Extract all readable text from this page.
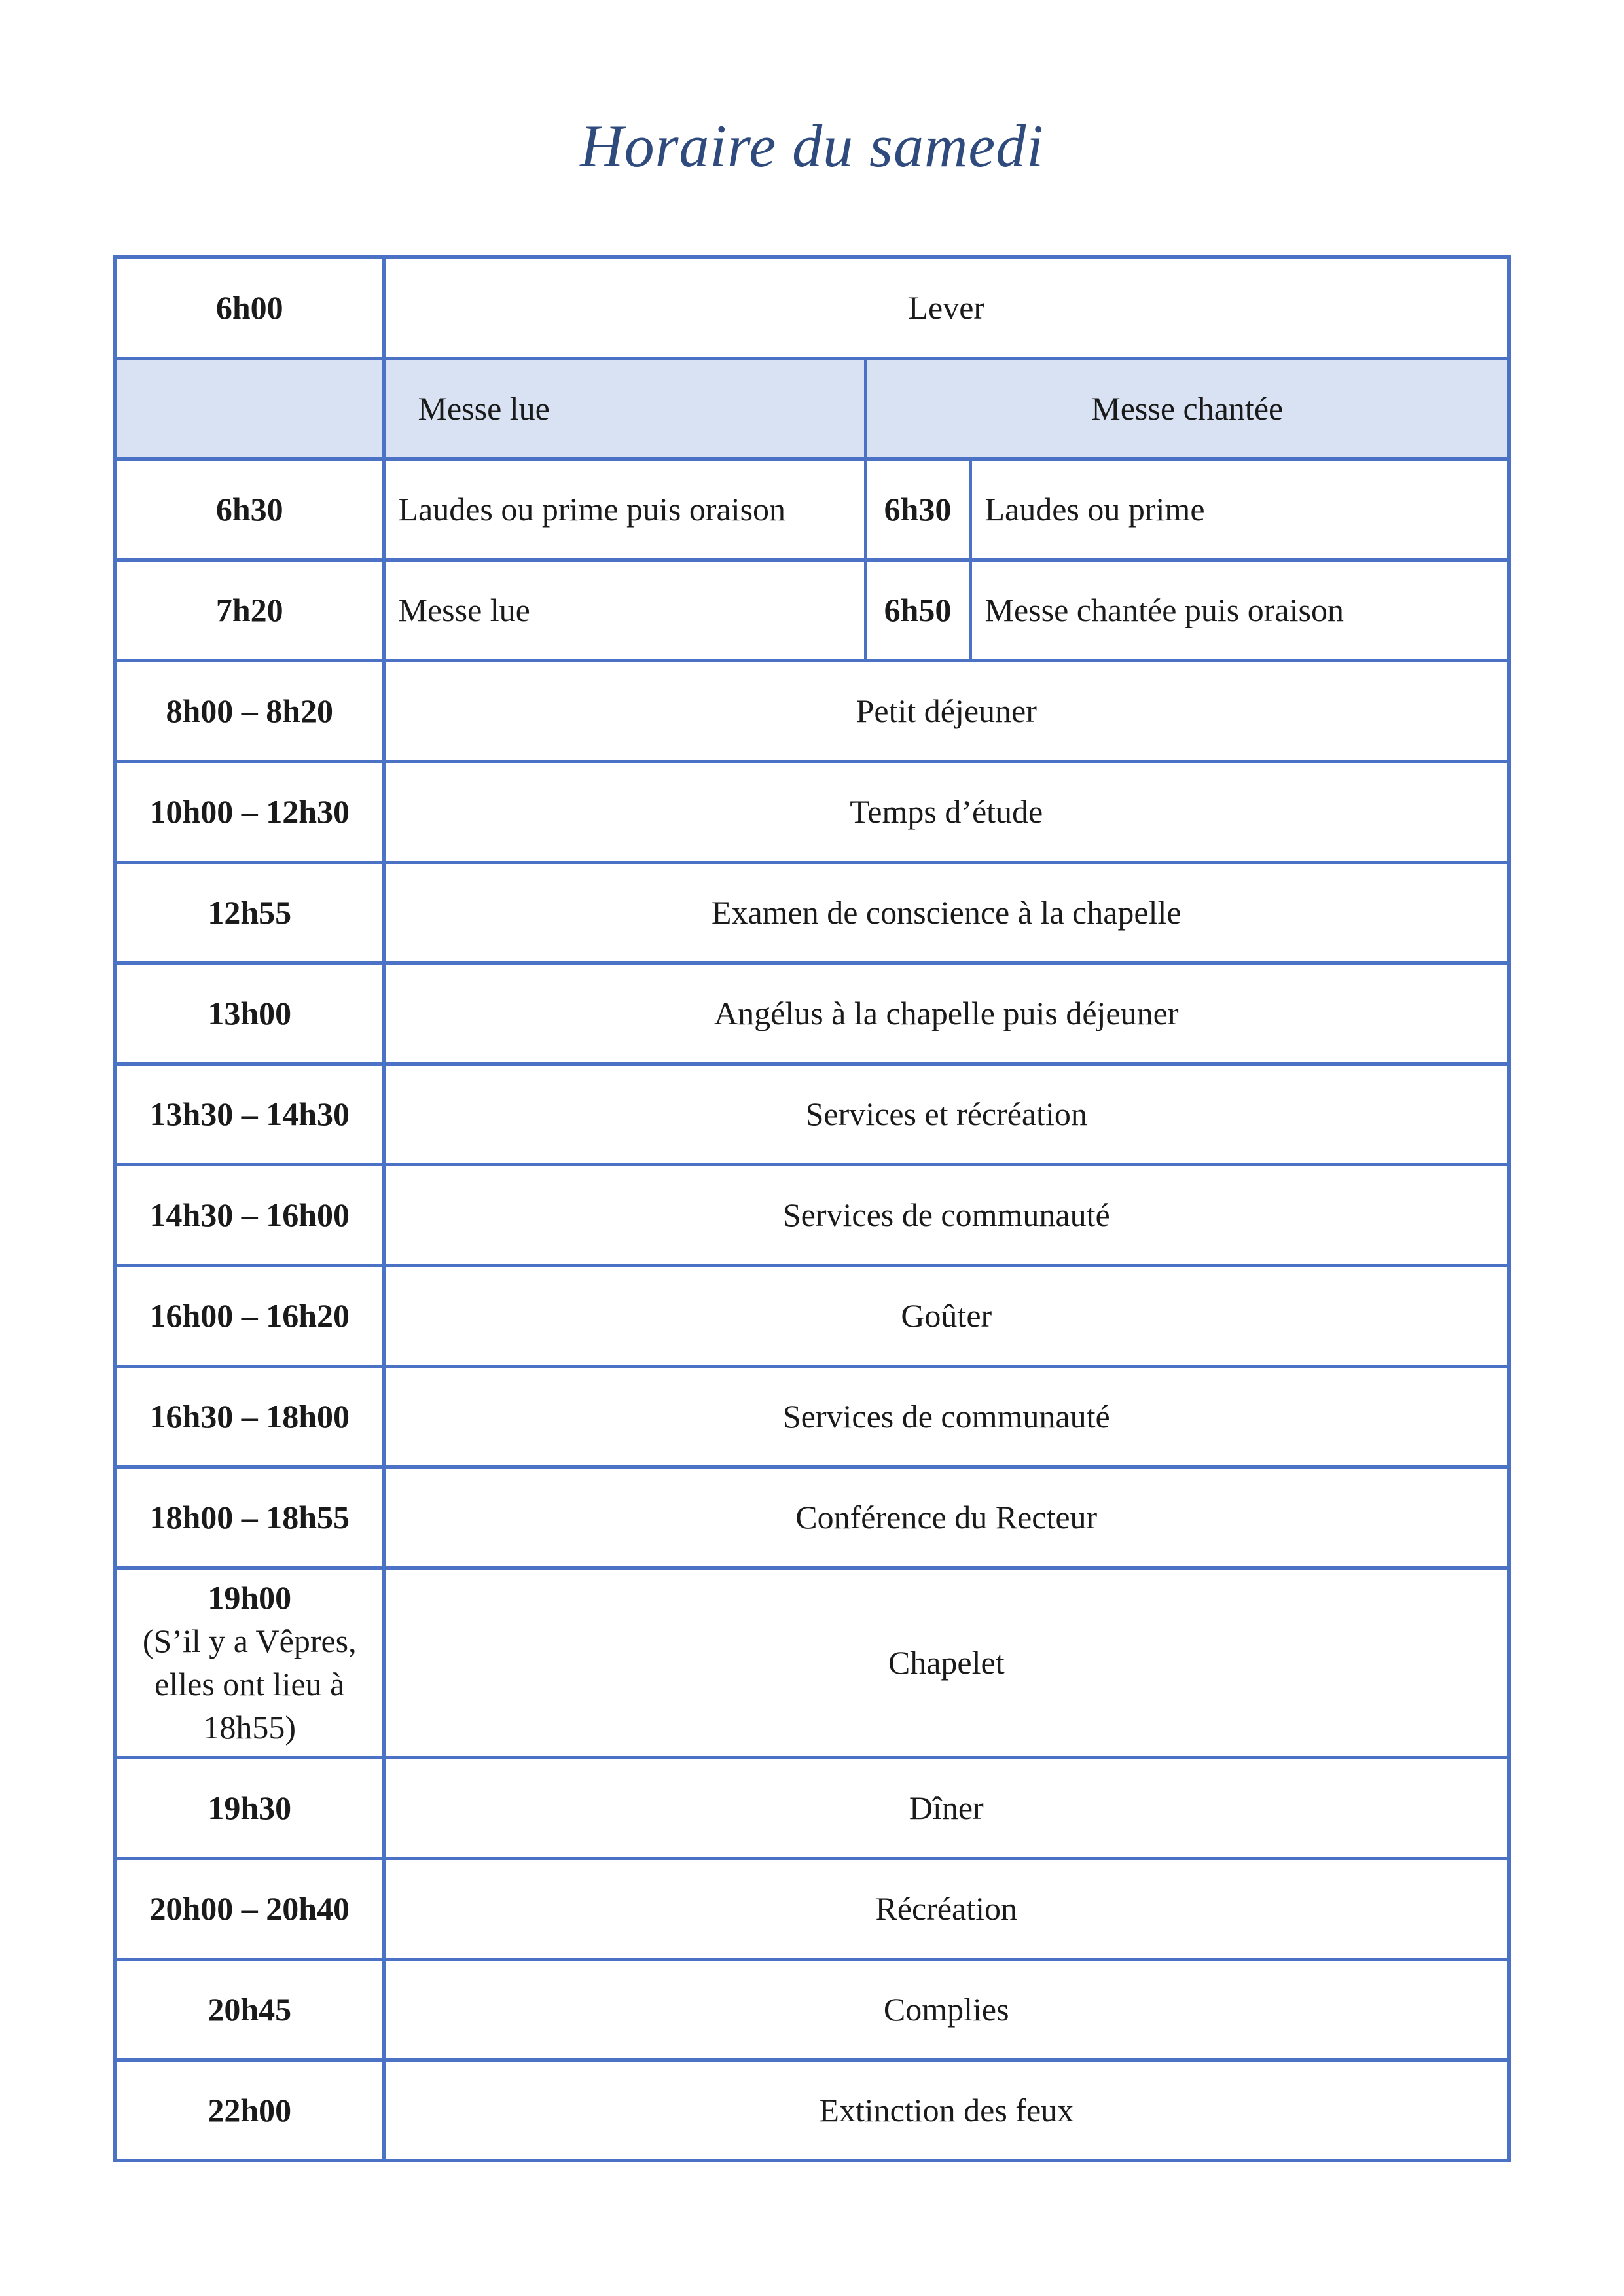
Horaire du samedi
6h00	Lever		
	Messe lue	Messe chantée	
6h30	Laudes ou prime puis oraison	6h30	Laudes ou prime
7h20	Messe lue	6h50	Messe chantée puis oraison
8h00 – 8h20	Petit déjeuner		
10h00 – 12h30	Temps d’étude		
12h55	Examen de conscience à la chapelle		
13h00	Angélus à la chapelle puis déjeuner		
13h30 – 14h30	Services et récréation		
14h30 – 16h00	Services de communauté		
16h00 – 16h20	Goûter		
16h30 – 18h00	Services de communauté		
18h00 – 18h55	Conférence du Recteur		

19h00
(S’il y a Vêpres,
elles ont lieu à
18h55)	Chapelet		
19h30	Dîner		
20h00 – 20h40	Récréation		
20h45	Complies		
22h00	Extinction des feux		
